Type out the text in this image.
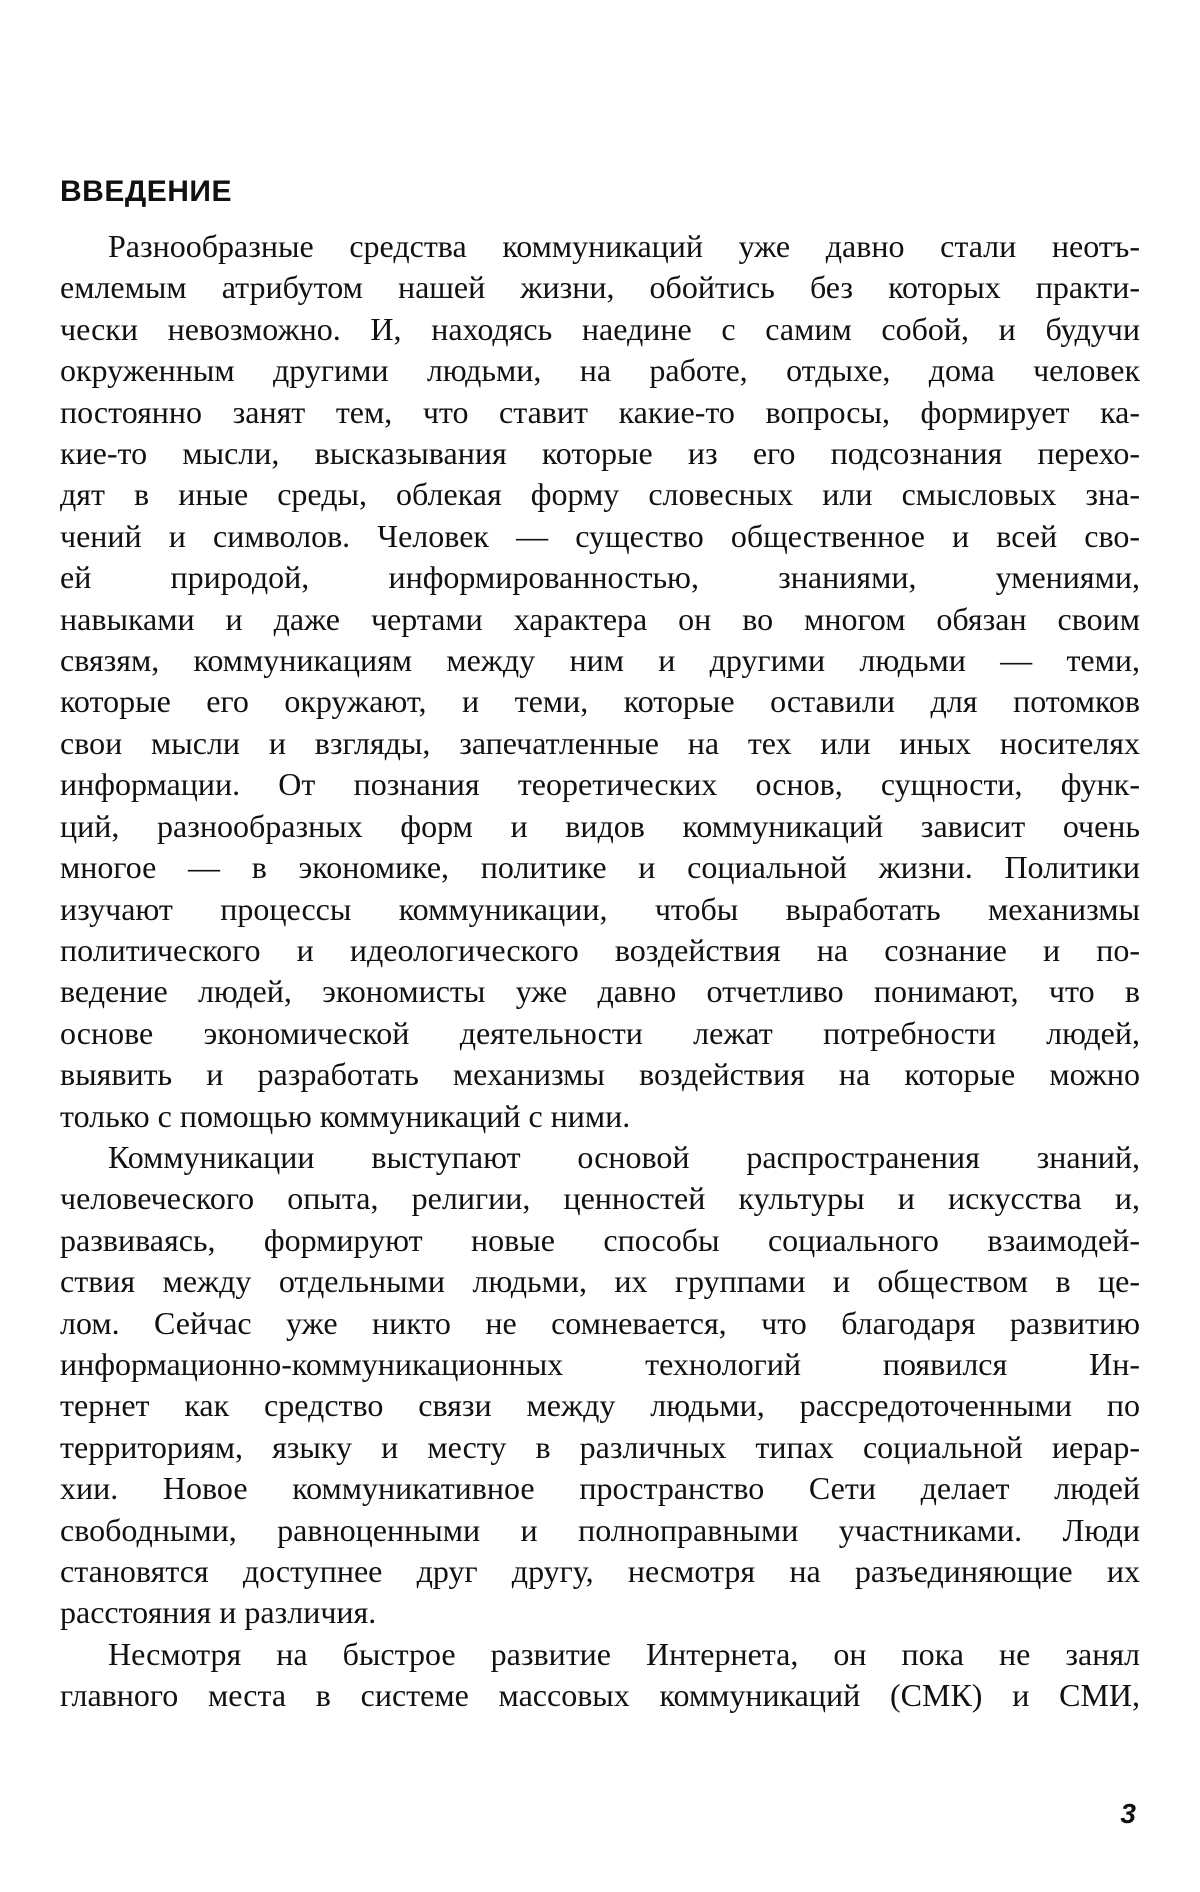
ВВЕДЕНИЕ
Разнообразные средства коммуникаций уже давно стали неотъ-
емлемым атрибутом нашей жизни, обойтись без которых практи-
чески невозможно. И, находясь наедине с самим собой, и будучи
окруженным другими людьми, на работе, отдыхе, дома человек
постоянно занят тем, что ставит какие-то вопросы, формирует ка-
кие-то мысли, высказывания которые из его подсознания перехо-
дят в иные среды, облекая форму словесных или смысловых зна-
чений и символов. Человек — существо общественное и всей сво-
ей природой, информированностью, знаниями, умениями,
навыками и даже чертами характера он во многом обязан своим
связям, коммуникациям между ним и другими людьми — теми,
которые его окружают, и теми, которые оставили для потомков
свои мысли и взгляды, запечатленные на тех или иных носителях
информации. От познания теоретических основ, сущности, функ-
ций, разнообразных форм и видов коммуникаций зависит очень
многое — в экономике, политике и социальной жизни. Политики
изучают процессы коммуникации, чтобы выработать механизмы
политического и идеологического воздействия на сознание и по-
ведение людей, экономисты уже давно отчетливо понимают, что в
основе экономической деятельности лежат потребности людей,
выявить и разработать механизмы воздействия на которые можно
только с помощью коммуникаций с ними.
Коммуникации выступают основой распространения знаний,
человеческого опыта, религии, ценностей культуры и искусства и,
развиваясь, формируют новые способы социального взаимодей-
ствия между отдельными людьми, их группами и обществом в це-
лом. Сейчас уже никто не сомневается, что благодаря развитию
информационно-коммуникационных технологий появился Ин-
тернет как средство связи между людьми, рассредоточенными по
территориям, языку и месту в различных типах социальной иерар-
хии. Новое коммуникативное пространство Сети делает людей
свободными, равноценными и полноправными участниками. Люди
становятся доступнее друг другу, несмотря на разъединяющие их
расстояния и различия.
Несмотря на быстрое развитие Интернета, он пока не занял
главного места в системе массовых коммуникаций (СМК) и СМИ,
3
